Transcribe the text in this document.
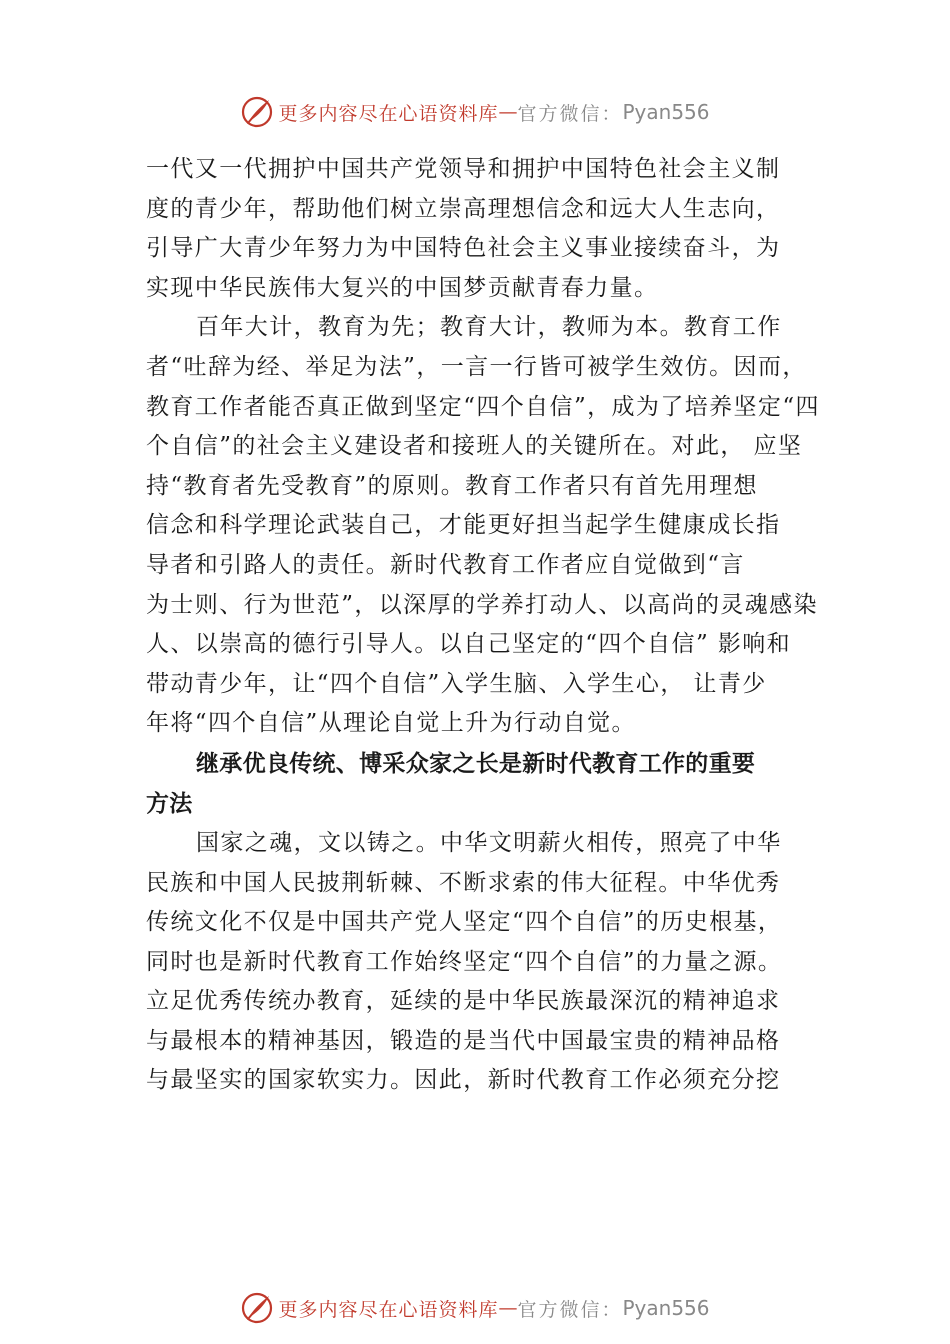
更多内容尽在心语资料库 — 官方微信： Pyan556
一代又一代拥护中国共产党领导和拥护中国特色社会主义制
度的青少年，帮助他们树立崇高理想信念和远大人生志向，
引导广大青少年努力为中国特色社会主义事业接续奋斗，为
实现中华民族伟大复兴的中国梦贡献青春力量。
百年大计，教育为先；教育大计，教师为本。教育工作
者“吐辞为经、举足为法”，一言一行皆可被学生效仿。因而，
教育工作者能否真正做到坚定“四个自信”，成为了培养坚定“四
个自信”的社会主义建设者和接班人的关键所在。对此， 应坚
持“教育者先受教育”的原则。教育工作者只有首先用理想
信念和科学理论武装自己，才能更好担当起学生健康成长指
导者和引路人的责任。新时代教育工作者应自觉做到“言
为士则、行为世范”，以深厚的学养打动人、以高尚的灵魂感染
人、以崇高的德行引导人。以自己坚定的“四个自信” 影响和
带动青少年，让“四个自信”入学生脑、入学生心， 让青少
年将“四个自信”从理论自觉上升为行动自觉。
继承优良传统、博采众家之长是新时代教育工作的重要
方法
国家之魂，文以铸之。中华文明薪火相传，照亮了中华
民族和中国人民披荆斩棘、不断求索的伟大征程。中华优秀
传统文化不仅是中国共产党人坚定“四个自信”的历史根基，
同时也是新时代教育工作始终坚定“四个自信”的力量之源。
立足优秀传统办教育，延续的是中华民族最深沉的精神追求
与最根本的精神基因，锻造的是当代中国最宝贵的精神品格
与最坚实的国家软实力。因此，新时代教育工作必须充分挖
更多内容尽在心语资料库 — 官方微信： Pyan556
